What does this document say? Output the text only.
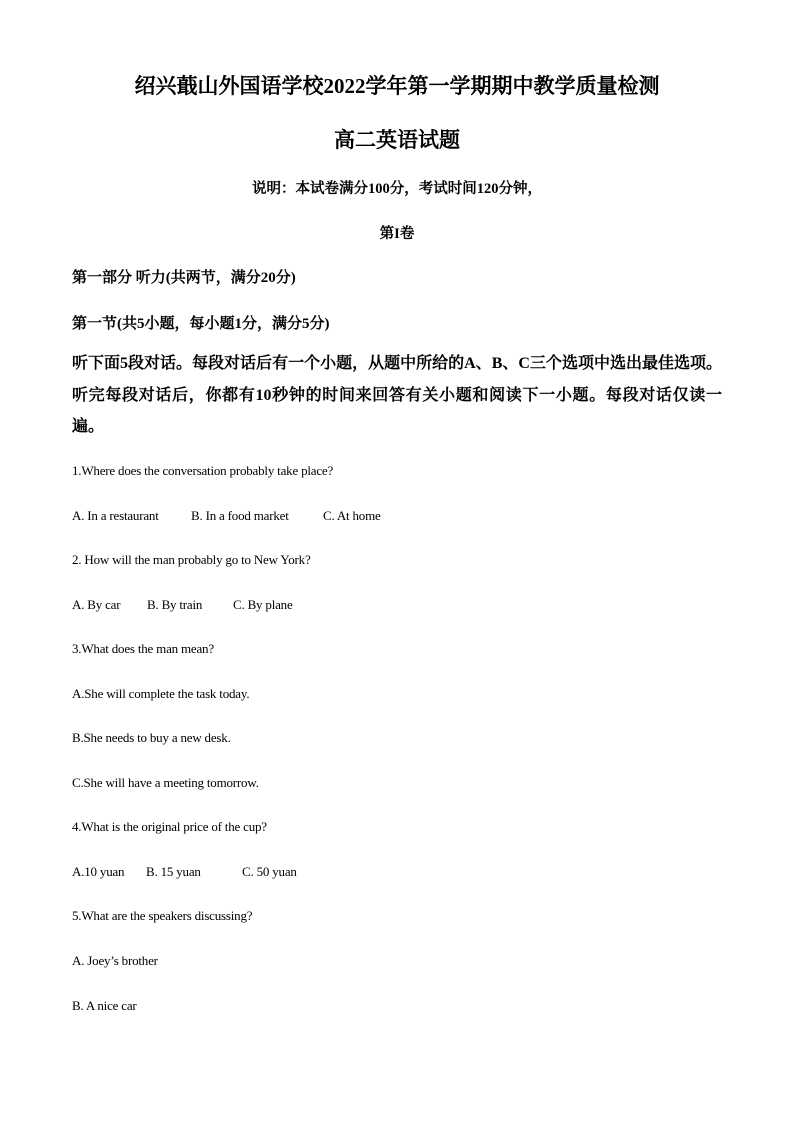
绍兴蕺山外国语学校2022学年第一学期期中教学质量检测
高二英语试题
说明：本试卷满分100分，考试时间120分钟，
第I卷
第一部分 听力(共两节，满分20分)
第一节(共5小题，每小题1分，满分5分)
听下面5段对话。每段对话后有一个小题，从题中所给的A、B、C三个选项中选出最佳选项。听完每段对话后，你都有10秒钟的时间来回答有关小题和阅读下一小题。每段对话仅读一遍。
1.Where does the conversation probably take place?
A. In a restaurant B. In a food market	C. At home
2. How will the man probably go to New York?
A. By car B. By train C. By plane
3.What does the man mean?
A.She will complete the task today.
B.She needs to buy a new desk.
C.She will have a meeting tomorrow.
4.What is the original price of the cup?
A.10 yuan B. 15 yuan	C. 50 yuan
5.What are the speakers discussing?
A. Joey’s brother
B. A nice car
